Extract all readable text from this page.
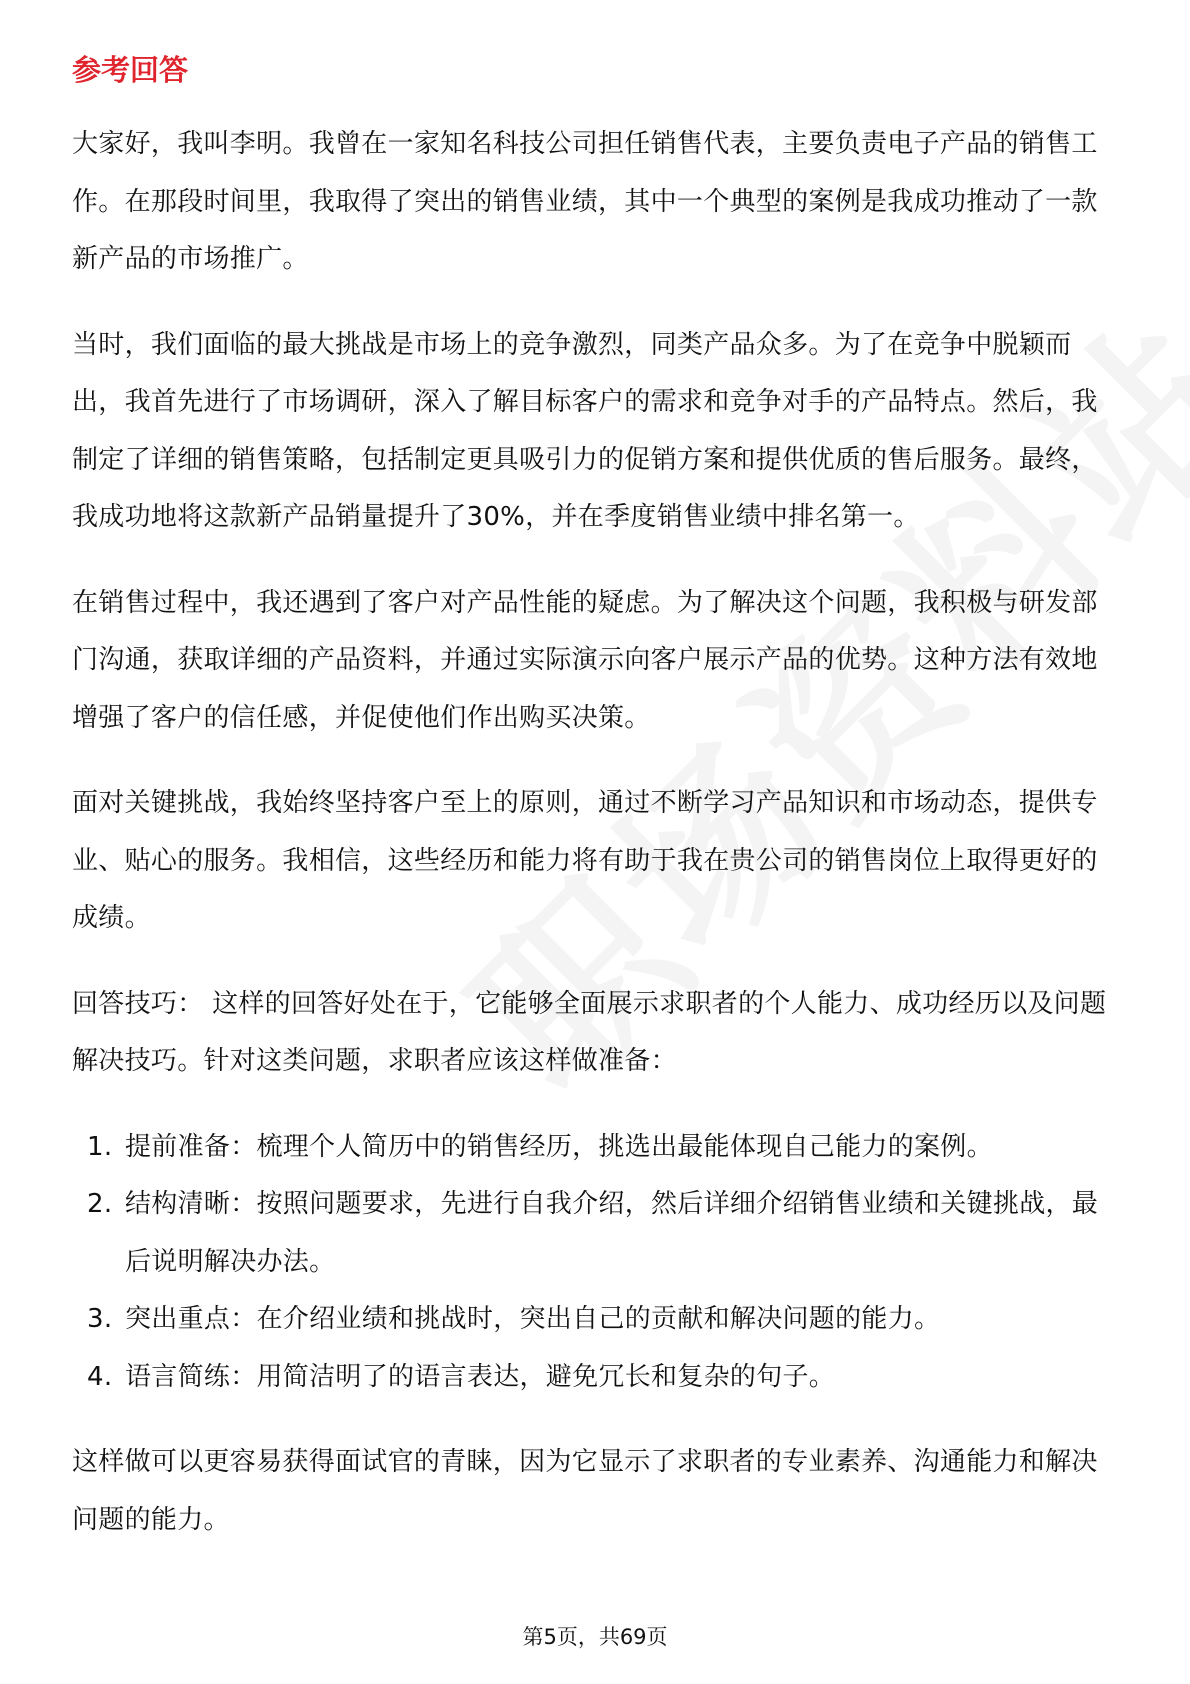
参考回答

大家好，我叫李明。我曾在一家知名科技公司担任销售代表，主要负责电子产品的销售工作。在那段时间里，我取得了突出的销售业绩，其中一个典型的案例是我成功推动了一款新产品的市场推广。

当时，我们面临的最大挑战是市场上的竞争激烈，同类产品众多。为了在竞争中脱颖而出，我首先进行了市场调研，深入了解目标客户的需求和竞争对手的产品特点。然后，我制定了详细的销售策略，包括制定更具吸引力的促销方案和提供优质的售后服务。最终，我成功地将这款新产品销量提升了30%，并在季度销售业绩中排名第一。

在销售过程中，我还遇到了客户对产品性能的疑虑。为了解决这个问题，我积极与研发部门沟通，获取详细的产品资料，并通过实际演示向客户展示产品的优势。这种方法有效地增强了客户的信任感，并促使他们作出购买决策。

面对关键挑战，我始终坚持客户至上的原则，通过不断学习产品知识和市场动态，提供专业、贴心的服务。我相信，这些经历和能力将有助于我在贵公司的销售岗位上取得更好的成绩。

回答技巧： 这样的回答好处在于，它能够全面展示求职者的个人能力、成功经历以及问题解决技巧。针对这类问题，求职者应该这样做准备：

1. 提前准备：梳理个人简历中的销售经历，挑选出最能体现自己能力的案例。
2. 结构清晰：按照问题要求，先进行自我介绍，然后详细介绍销售业绩和关键挑战，最后说明解决办法。
3. 突出重点：在介绍业绩和挑战时，突出自己的贡献和解决问题的能力。
4. 语言简练：用简洁明了的语言表达，避免冗长和复杂的句子。

这样做可以更容易获得面试官的青睐，因为它显示了求职者的专业素养、沟通能力和解决问题的能力。

第5页，共69页
